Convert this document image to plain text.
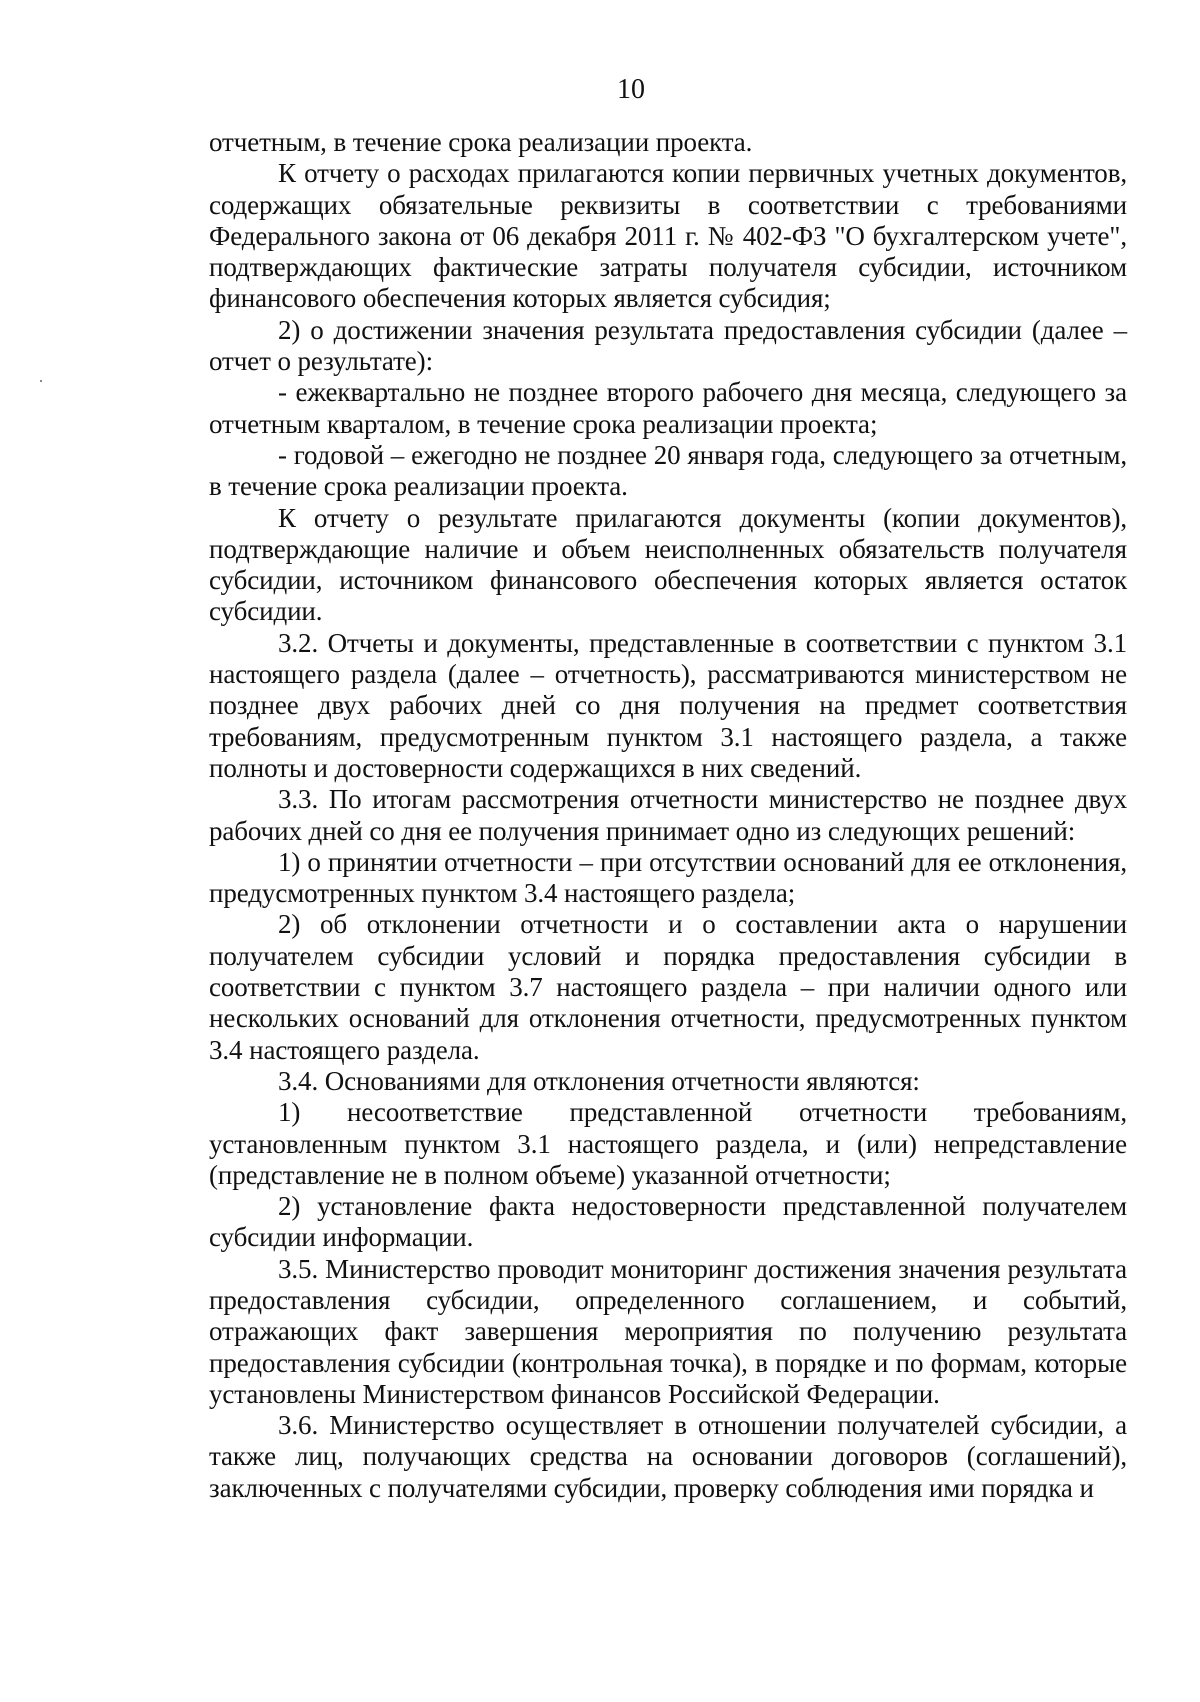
10

отчетным, в течение срока реализации проекта.

К отчету о расходах прилагаются копии первичных учетных документов, содержащих обязательные реквизиты в соответствии с требованиями Федерального закона от 06 декабря 2011 г. № 402-ФЗ "О бухгалтерском учете", подтверждающих фактические затраты получателя субсидии, источником финансового обеспечения которых является субсидия;

2) о достижении значения результата предоставления субсидии (далее – отчет о результате):

- ежеквартально не позднее второго рабочего дня месяца, следующего за отчетным кварталом, в течение срока реализации проекта;

- годовой – ежегодно не позднее 20 января года, следующего за отчетным, в течение срока реализации проекта.

К отчету о результате прилагаются документы (копии документов), подтверждающие наличие и объем неисполненных обязательств получателя субсидии, источником финансового обеспечения которых является остаток субсидии.

3.2. Отчеты и документы, представленные в соответствии с пунктом 3.1 настоящего раздела (далее – отчетность), рассматриваются министерством не позднее двух рабочих дней со дня получения на предмет соответствия требованиям, предусмотренным пунктом 3.1 настоящего раздела, а также полноты и достоверности содержащихся в них сведений.

3.3. По итогам рассмотрения отчетности министерство не позднее двух рабочих дней со дня ее получения принимает одно из следующих решений:

1) о принятии отчетности – при отсутствии оснований для ее отклонения, предусмотренных пунктом 3.4 настоящего раздела;

2) об отклонении отчетности и о составлении акта о нарушении получателем субсидии условий и порядка предоставления субсидии в соответствии с пунктом 3.7 настоящего раздела – при наличии одного или нескольких оснований для отклонения отчетности, предусмотренных пунктом 3.4 настоящего раздела.

3.4. Основаниями для отклонения отчетности являются:

1) несоответствие представленной отчетности требованиям, установленным пунктом 3.1 настоящего раздела, и (или) непредставление (представление не в полном объеме) указанной отчетности;

2) установление факта недостоверности представленной получателем субсидии информации.

3.5. Министерство проводит мониторинг достижения значения результата предоставления субсидии, определенного соглашением, и событий, отражающих факт завершения мероприятия по получению результата предоставления субсидии (контрольная точка), в порядке и по формам, которые установлены Министерством финансов Российской Федерации.

3.6. Министерство осуществляет в отношении получателей субсидии, а также лиц, получающих средства на основании договоров (соглашений), заключенных с получателями субсидии, проверку соблюдения ими порядка и
